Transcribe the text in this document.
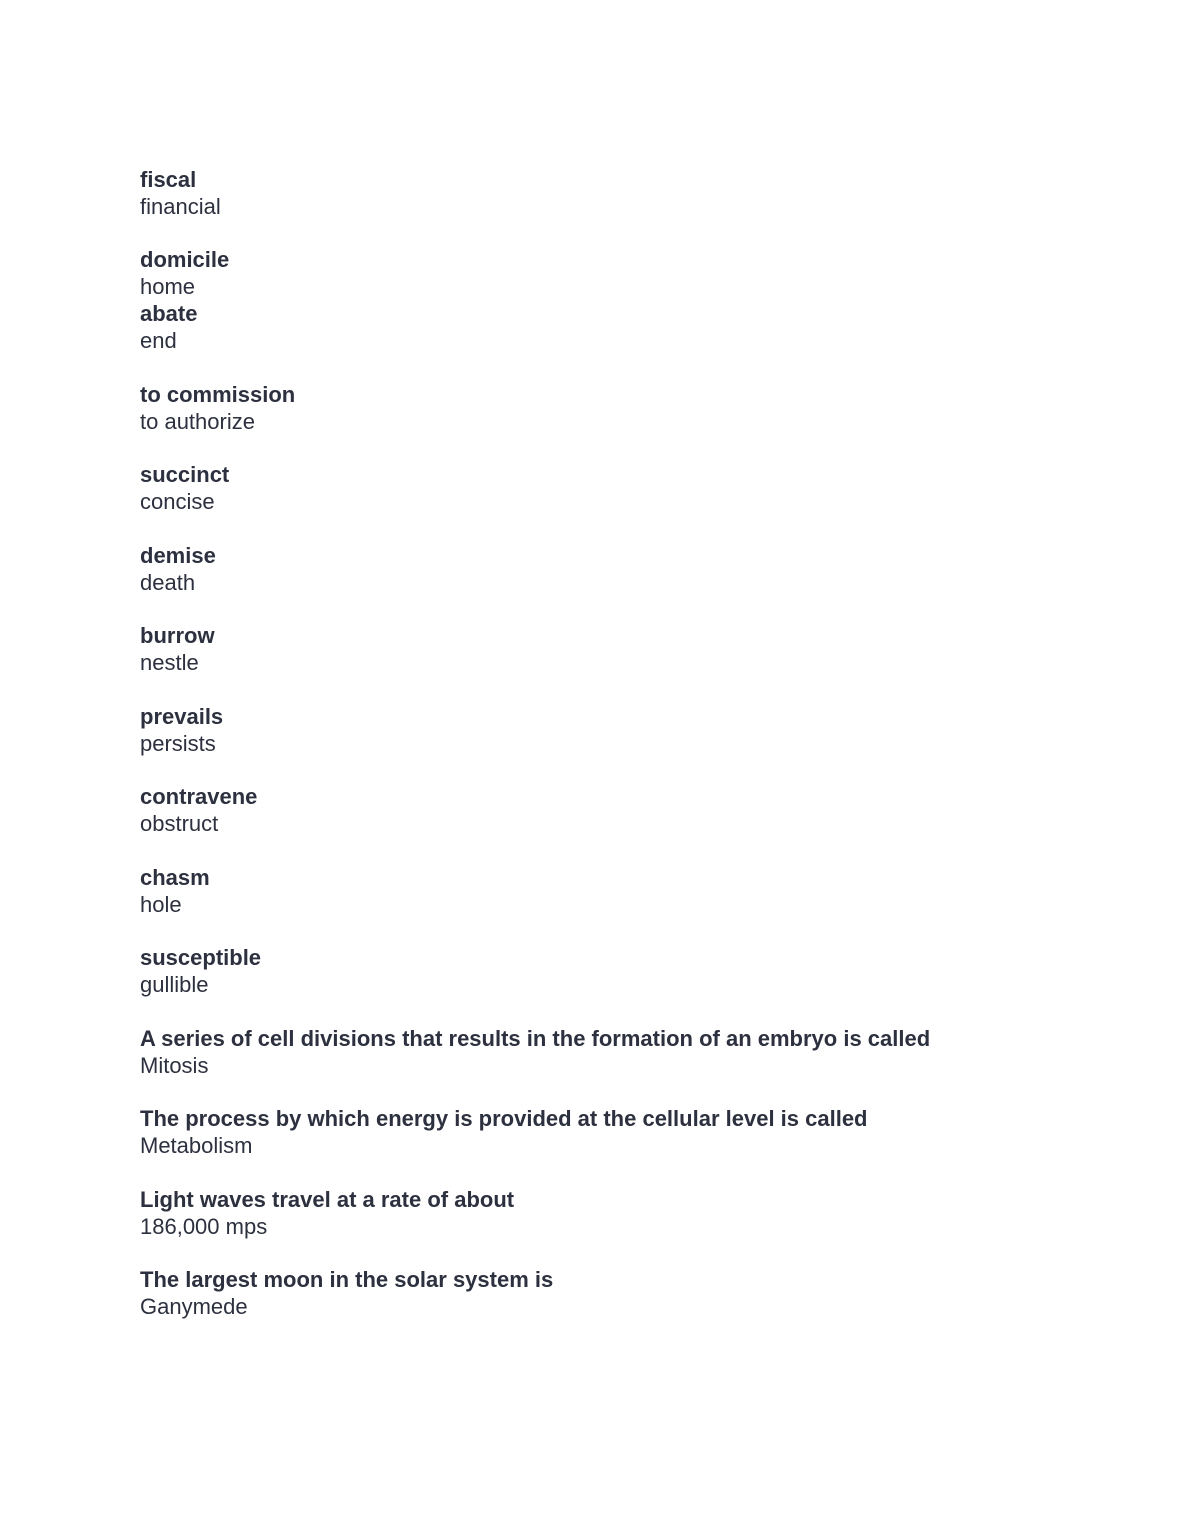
fiscal
financial
domicile
home
abate
end
to commission
to authorize
succinct
concise
demise
death
burrow
nestle
prevails
persists
contravene
obstruct
chasm
hole
susceptible
gullible
A series of cell divisions that results in the formation of an embryo is called
Mitosis
The process by which energy is provided at the cellular level is called
Metabolism
Light waves travel at a rate of about
186,000 mps
The largest moon in the solar system is
Ganymede
